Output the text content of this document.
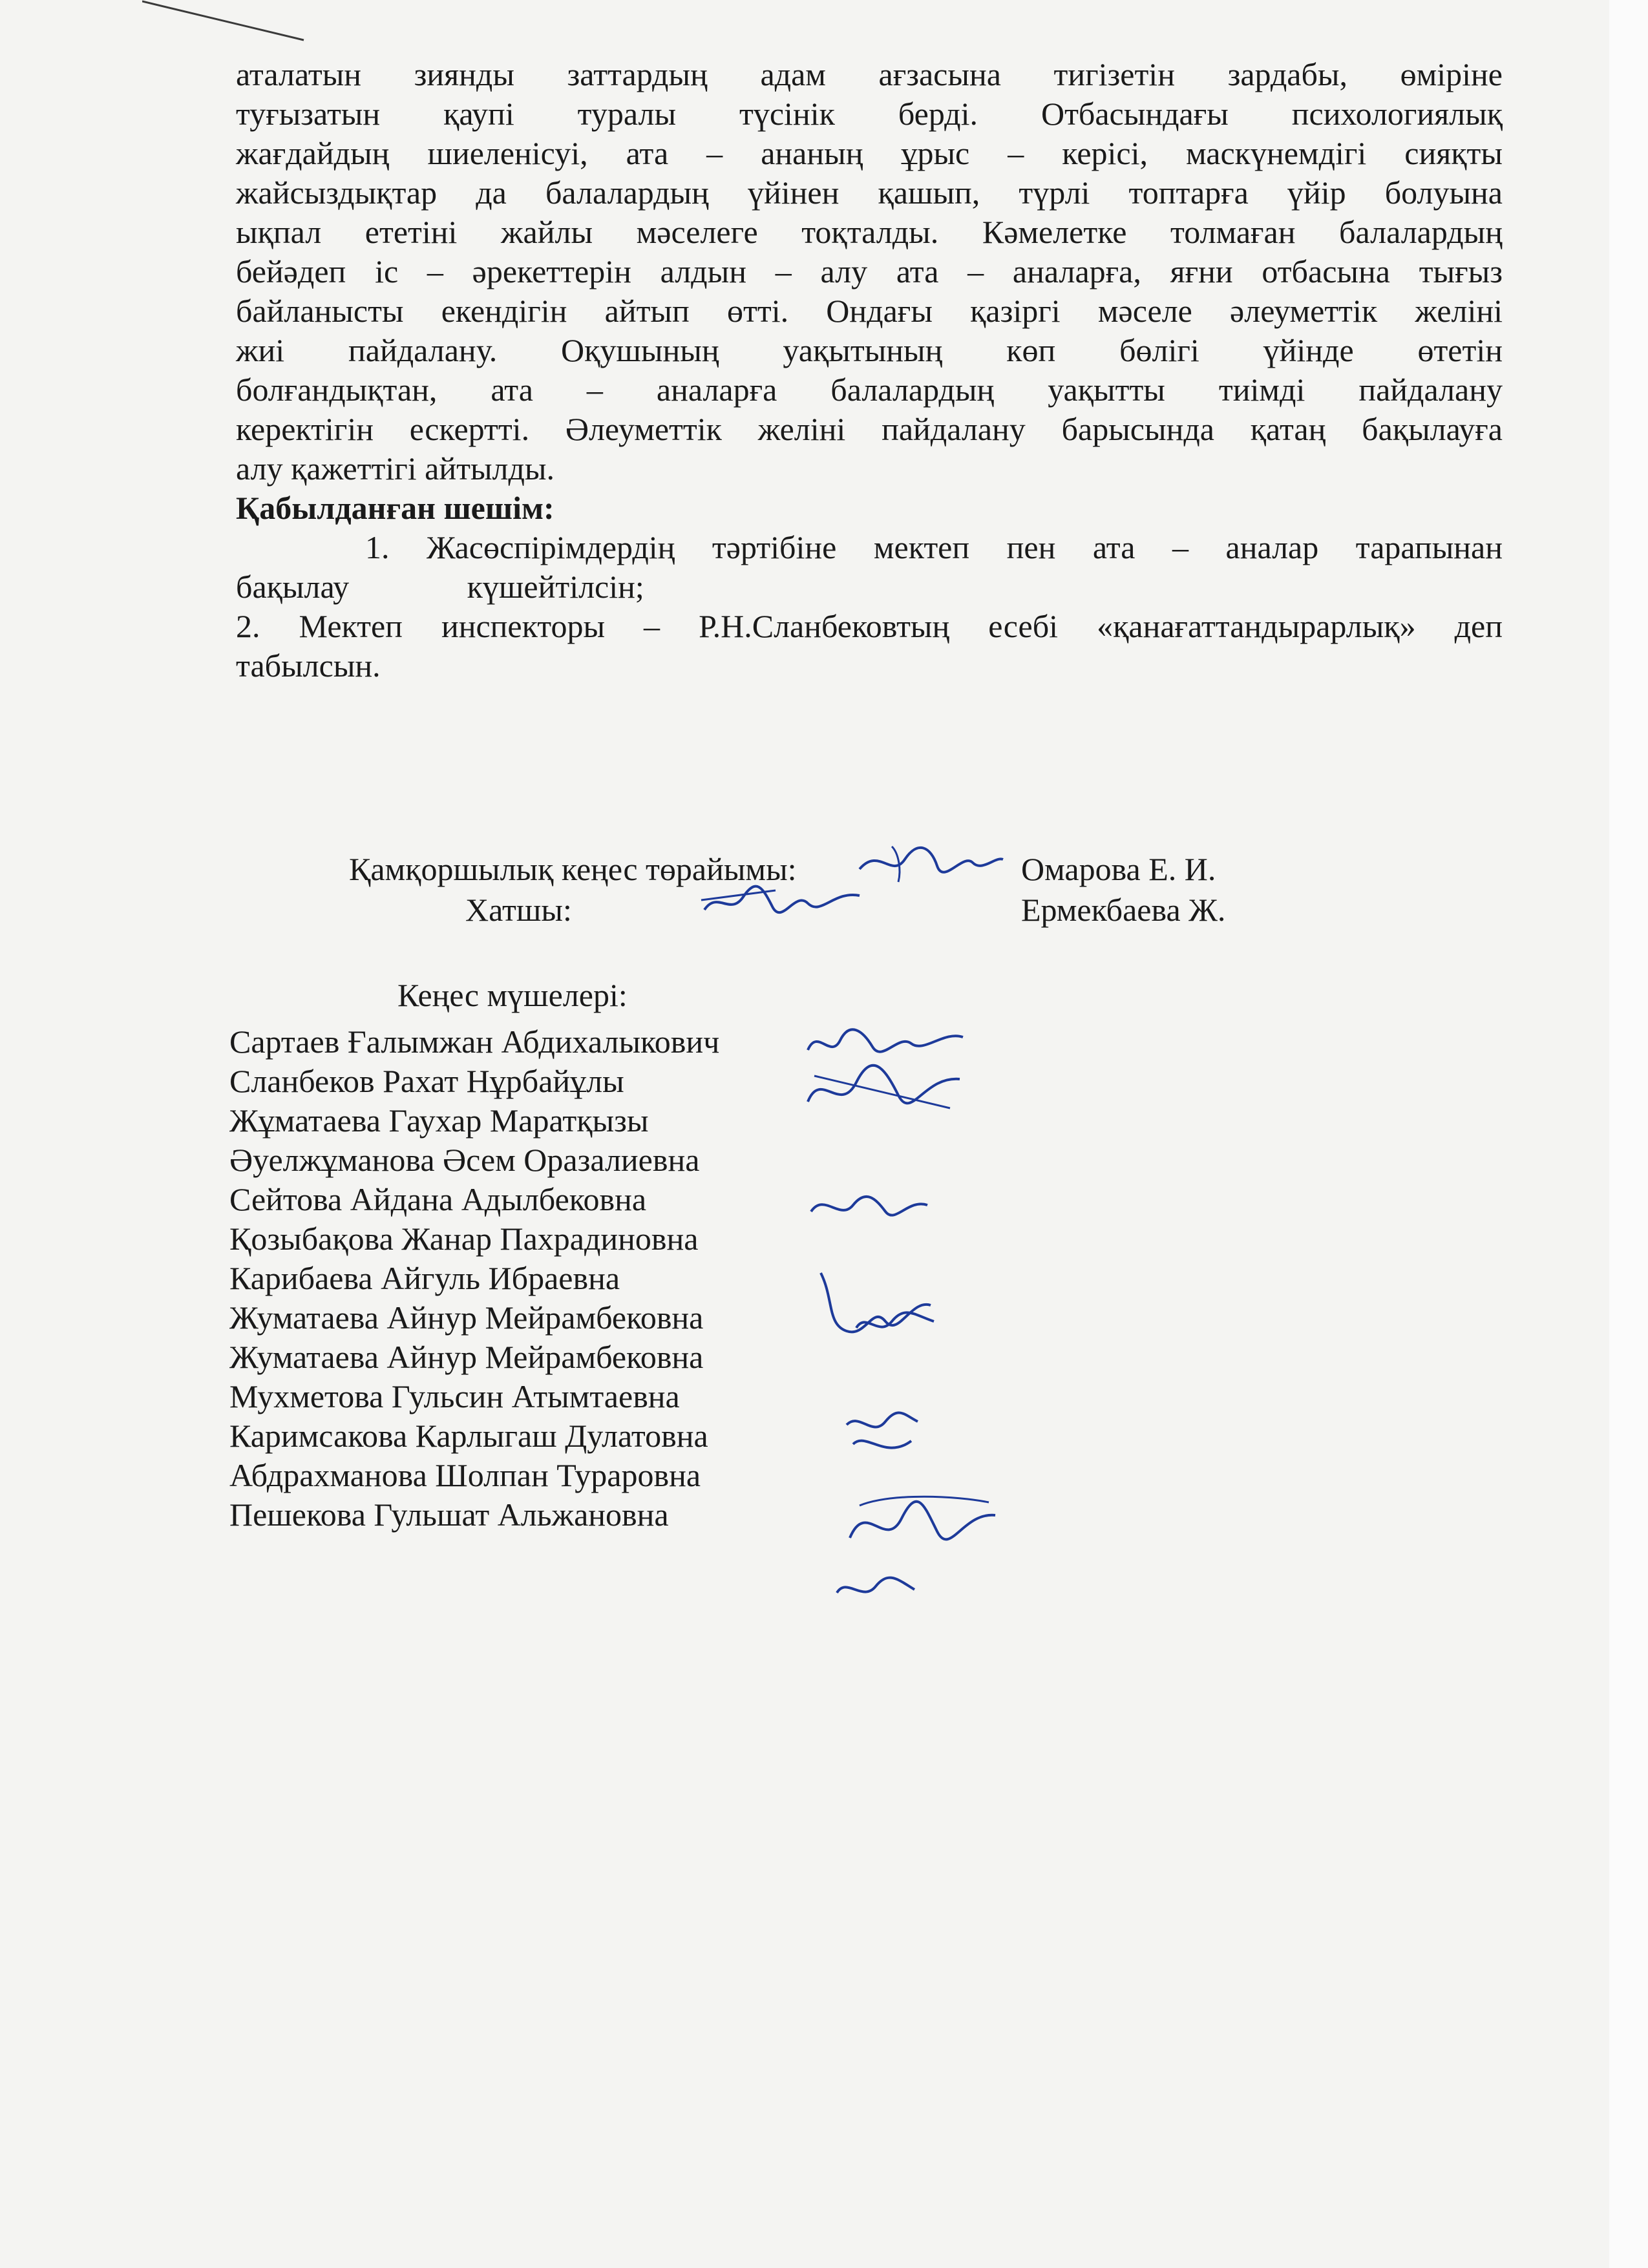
аталатын зиянды заттардың адам ағзасына тигізетін зардабы, өміріне

туғызатын қаупі туралы түсінік берді. Отбасындағы психологиялық

жағдайдың шиеленісуі, ата – ананың ұрыс – керісі, маскүнемдігі сияқты

жайсыздықтар да балалардың үйінен қашып, түрлі топтарға үйір болуына

ықпал ететіні жайлы мәселеге тоқталды. Кәмелетке толмаған балалардың

бейәдеп іс – әрекеттерін алдын – алу ата – аналарға, яғни отбасына тығыз

байланысты екендігін айтып өтті. Ондағы қазіргі мәселе әлеуметтік желіні

жиі пайдалану. Оқушының уақытының көп бөлігі үйінде өтетін

болғандықтан, ата – аналарға балалардың уақытты тиімді пайдалану

керектігін ескертті. Әлеуметтік желіні пайдалану барысында қатаң бақылауға

алу қажеттігі айтылды.

Қабылданған шешім:

1. Жасөспірімдердің тәртібіне мектеп пен ата – аналар тарапынан

бақылау күшейтілсін;

2. Мектеп инспекторы – Р.Н.Сланбековтың есебі «қанағаттандырарлық» деп

табылсын.

Қамқоршылық кеңес төрайымы:	Омарова Е. И.
Хатшы:	Ермекбаева Ж.
Кеңес мүшелері:
Сартаев Ғалымжан Абдихалыкович
Сланбеков Рахат Нұрбайұлы
Жұматаева Гаухар Маратқызы
Әуелжұманова Әсем Оразалиевна
Сейтова Айдана Адылбековна
Қозыбақова Жанар Пахрадиновна
Карибаева Айгуль Ибраевна
Жуматаева Айнур Мейрамбековна
Жуматаева Айнур Мейрамбековна
Мухметова Гульсин Атымтаевна
Каримсакова Карлыгаш Дулатовна
Абдрахманова Шолпан Тураровна
Пешекова Гульшат Альжановна
